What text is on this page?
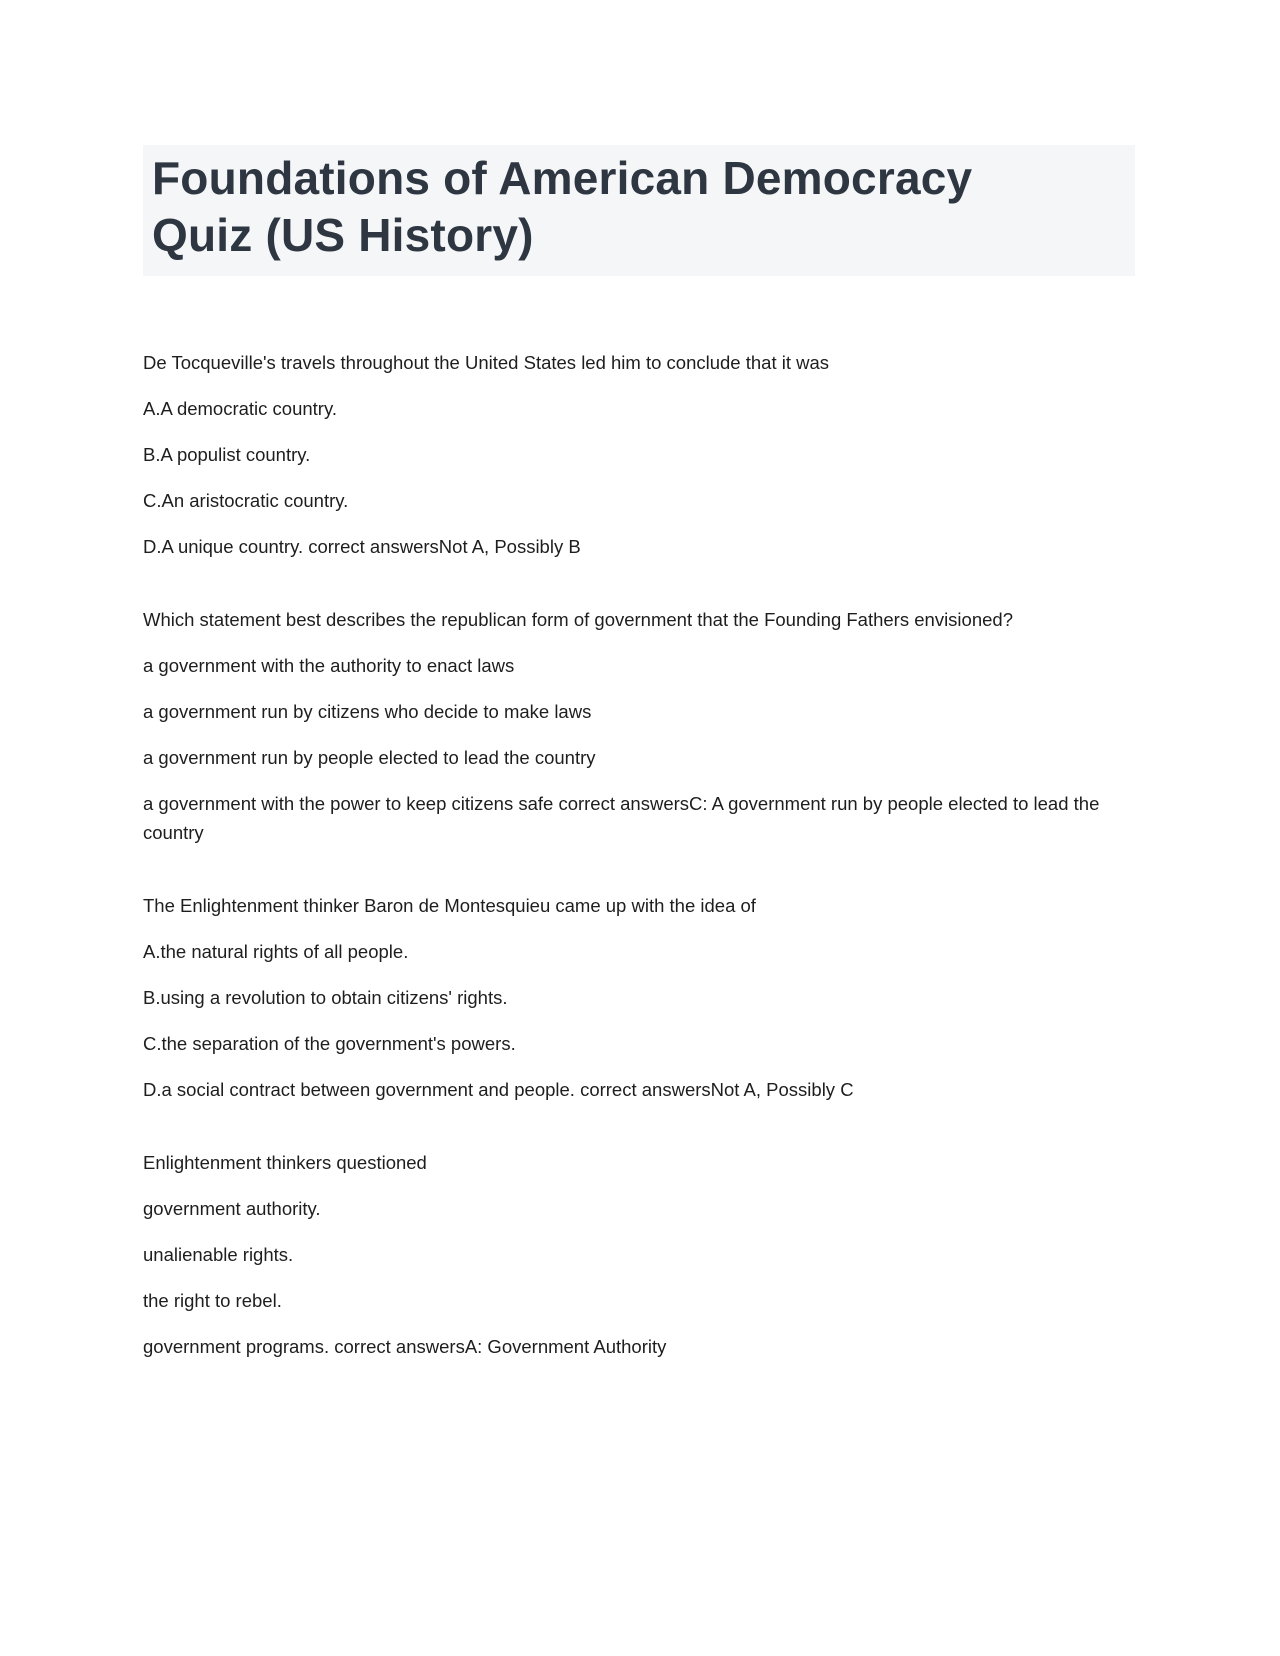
Foundations of American Democracy
Quiz (US History)

De Tocqueville's travels throughout the United States led him to conclude that it was

A.A democratic country.

B.A populist country.

C.An aristocratic country.

D.A unique country. correct answersNot A, Possibly B

Which statement best describes the republican form of government that the Founding Fathers envisioned?

a government with the authority to enact laws

a government run by citizens who decide to make laws

a government run by people elected to lead the country

a government with the power to keep citizens safe correct answersC: A government run by people elected to lead the country

The Enlightenment thinker Baron de Montesquieu came up with the idea of

A.the natural rights of all people.

B.using a revolution to obtain citizens' rights.

C.the separation of the government's powers.

D.a social contract between government and people. correct answersNot A, Possibly C

Enlightenment thinkers questioned

government authority.

unalienable rights.

the right to rebel.

government programs. correct answersA: Government Authority
